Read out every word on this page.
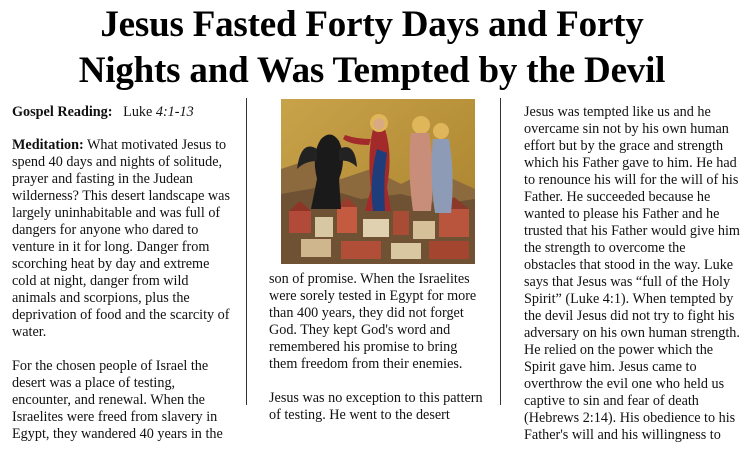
Jesus Fasted Forty Days and Forty
Nights and Was Tempted by the Devil

Gospel Reading: Luke 4:1-13

Meditation: What motivated Jesus to spend 40 days and nights of solitude, prayer and fasting in the Judean wilderness? This desert landscape was largely uninhabitable and was full of dangers for anyone who dared to venture in it for long. Danger from scorching heat by day and extreme cold at night, danger from wild animals and scorpions, plus the deprivation of food and the scarcity of water.

For the chosen people of Israel the desert was a place of testing, encounter, and renewal. When the Israelites were freed from slavery in Egypt, they wandered 40 years in the

son of promise. When the Israelites were sorely tested in Egypt for more than 400 years, they did not forget God. They kept God's word and remembered his promise to bring them freedom from their enemies.

Jesus was no exception to this pattern of testing. He went to the desert

Jesus was tempted like us and he overcame sin not by his own human effort but by the grace and strength which his Father gave to him. He had to renounce his will for the will of his Father. He succeeded because he wanted to please his Father and he trusted that his Father would give him the strength to overcome the obstacles that stood in the way. Luke says that Jesus was “full of the Holy Spirit” (Luke 4:1). When tempted by the devil Jesus did not try to fight his adversary on his own human strength. He relied on the power which the Spirit gave him. Jesus came to overthrow the evil one who held us captive to sin and fear of death (Hebrews 2:14). His obedience to his Father's will and his willingness to
